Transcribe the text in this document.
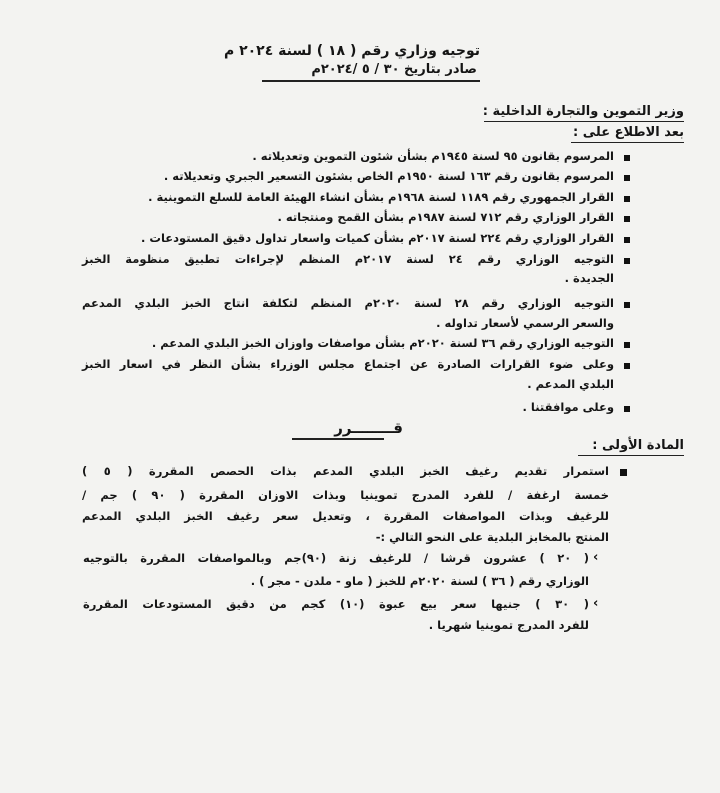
توجيه وزاري رقم ( ١٨ ) لسنة ٢٠٢٤ م
صادر بتاريخ ٣٠ / ٥ /٢٠٢٤م
وزير التموين والتجارة الداخلية :
بعد الاطلاع على :
المرسوم بقانون ٩٥ لسنة ١٩٤٥م بشأن شئون التموين وتعديلاته .
المرسوم بقانون رقم ١٦٣ لسنة ١٩٥٠م الخاص بشئون التسعير الجبري وتعديلاته .
القرار الجمهوري رقم ١١٨٩ لسنة ١٩٦٨م بشأن انشاء الهيئة العامة للسلع التموينية .
القرار الوزاري رقم ٧١٢ لسنة ١٩٨٧م بشأن القمح ومنتجاته .
القرار الوزاري رقم ٢٢٤ لسنة ٢٠١٧م بشأن كميات واسعار تداول دقيق المستودعات .
التوجيه الوزاري رقم ٢٤ لسنة ٢٠١٧م المنظم لإجراءات تطبيق منظومة الخبز
الجديدة .
التوجيه الوزاري رقم ٢٨ لسنة ٢٠٢٠م المنظم لتكلفة انتاج الخبز البلدي المدعم
والسعر الرسمي لأسعار تداوله .
التوجيه الوزاري رقم ٣٦ لسنة ٢٠٢٠م بشأن مواصفات واوزان الخبز البلدي المدعم .
وعلى ضوء القرارات الصادرة عن اجتماع مجلس الوزراء بشأن النظر في اسعار الخبز
البلدي المدعم .
وعلى موافقتنا .
قــــــــرر
المادة الأولى :
استمرار تقديم رغيف الخبز البلدي المدعم بذات الحصص المقررة ( ٥ )
خمسة ارغفة / للفرد المدرج تموينيا وبذات الاوزان المقررة ( ٩٠ ) جم /
للرغيف وبذات المواصفات المقررة ، وتعديل سعر رغيف الخبز البلدي المدعم
المنتج بالمخابز البلدية على النحو التالي :-
‹
( ٢٠ ) عشرون قرشا / للرغيف زنة (٩٠)جم وبالمواصفات المقررة بالتوجيه
الوزاري رقم ( ٣٦ ) لسنة ٢٠٢٠م للخبز ( ماو - ملدن - مجر ) .
‹
( ٣٠ ) جنيها سعر بيع عبوة (١٠) كجم من دقيق المستودعات المقررة
للفرد المدرج تموينيا شهريا .
